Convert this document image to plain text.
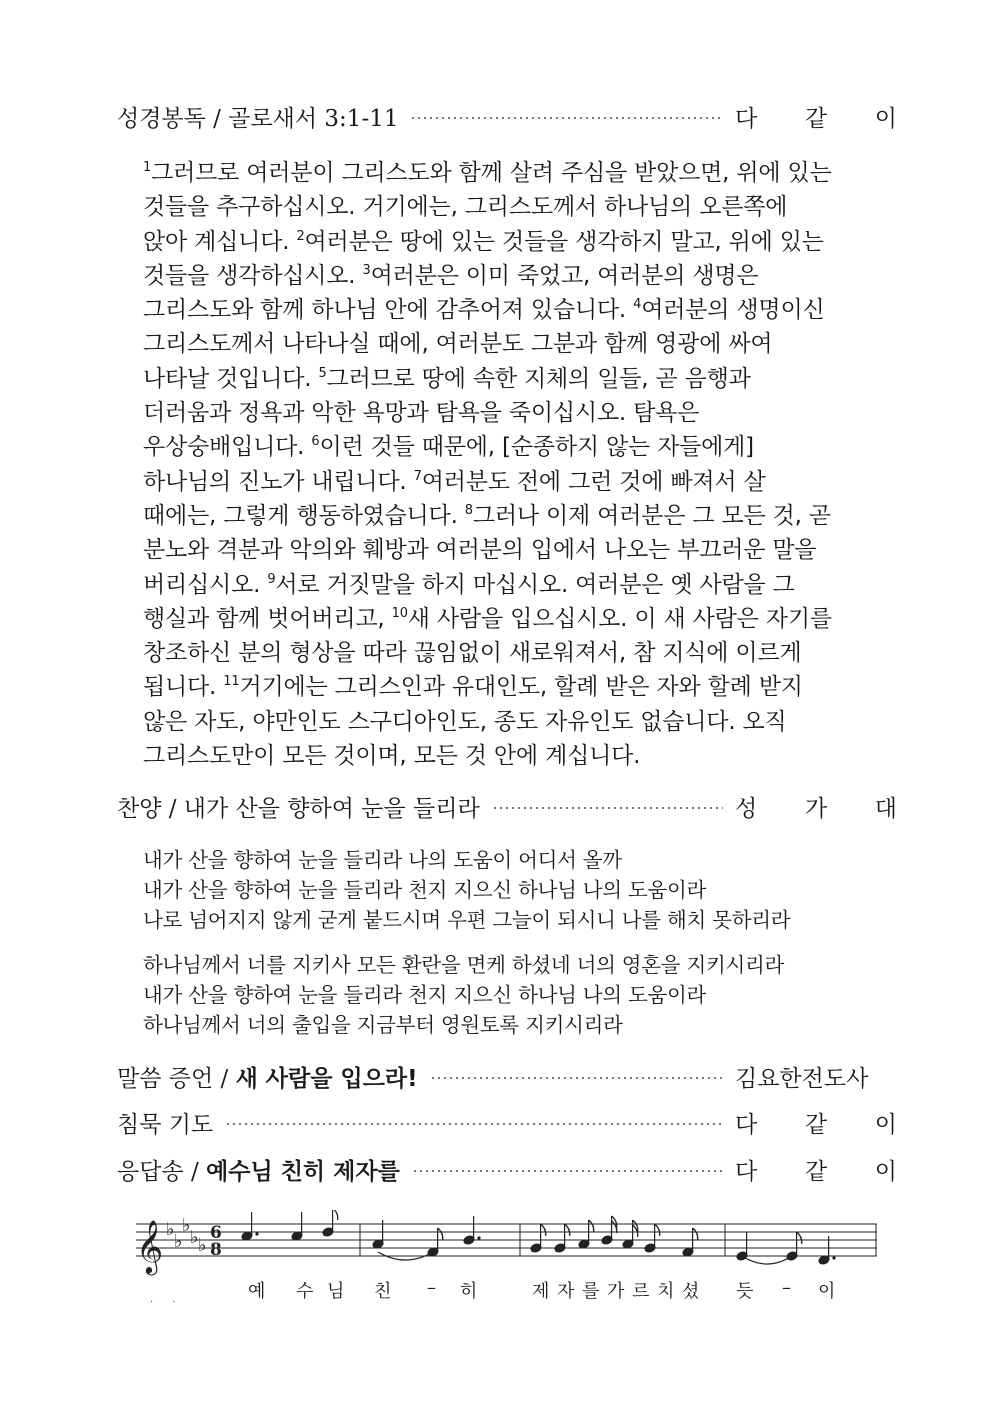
성경봉독 / 골로새서 3:1-11	다 같 이
$^1$그러므로 여러분이 그리스도와 함께 살려 주심을 받았으면, 위에 있는
것들을 추구하십시오. 거기에는, 그리스도께서 하나님의 오른쪽에
앉아 계십니다. $^2$여러분은 땅에 있는 것들을 생각하지 말고, 위에 있는
것들을 생각하십시오. $^3$여러분은 이미 죽었고, 여러분의 생명은
그리스도와 함께 하나님 안에 감추어져 있습니다. $^4$여러분의 생명이신
그리스도께서 나타나실 때에, 여러분도 그분과 함께 영광에 싸여
나타날 것입니다. $^5$그러므로 땅에 속한 지체의 일들, 곧 음행과
더러움과 정욕과 악한 욕망과 탐욕을 죽이십시오. 탐욕은
우상숭배입니다. $^6$이런 것들 때문에, [순종하지 않는 자들에게]
하나님의 진노가 내립니다. $^7$여러분도 전에 그런 것에 빠져서 살
때에는, 그렇게 행동하였습니다. $^8$그러나 이제 여러분은 그 모든 것, 곧
분노와 격분과 악의와 훼방과 여러분의 입에서 나오는 부끄러운 말을
버리십시오. $^9$서로 거짓말을 하지 마십시오. 여러분은 옛 사람을 그
행실과 함께 벗어버리고, $^{10}$새 사람을 입으십시오. 이 새 사람은 자기를
창조하신 분의 형상을 따라 끊임없이 새로워져서, 참 지식에 이르게
됩니다. $^{11}$거기에는 그리스인과 유대인도, 할례 받은 자와 할례 받지
않은 자도, 야만인도 스구디아인도, 종도 자유인도 없습니다. 오직
그리스도만이 모든 것이며, 모든 것 안에 계십니다.
찬양 / 내가 산을 향하여 눈을 들리라	성 가 대
내가 산을 향하여 눈을 들리라 나의 도움이 어디서 올까
내가 산을 향하여 눈을 들리라 천지 지으신 하나님 나의 도움이라
나로 넘어지지 않게 굳게 붙드시며 우편 그늘이 되시니 나를 해치 못하리라
하나님께서 너를 지키사 모든 환란을 면케 하셨네 너의 영혼을 지키시리라
내가 산을 향하여 눈을 들리라 천지 지으신 하나님 나의 도움이라
하나님께서 너의 출입을 지금부터 영원토록 지키시리라
말씀 증언 / 새 사람을 입으라!	김요한전도사
침묵 기도	다 같 이
응답송 / 예수님 친히 제자를	다 같 이
𝄞 ♭
♭
♭
♭ ♭
6
8
예 수 님 친 – 히	제 자 를 가 르 치 셨 듯 – 이
·      ·
